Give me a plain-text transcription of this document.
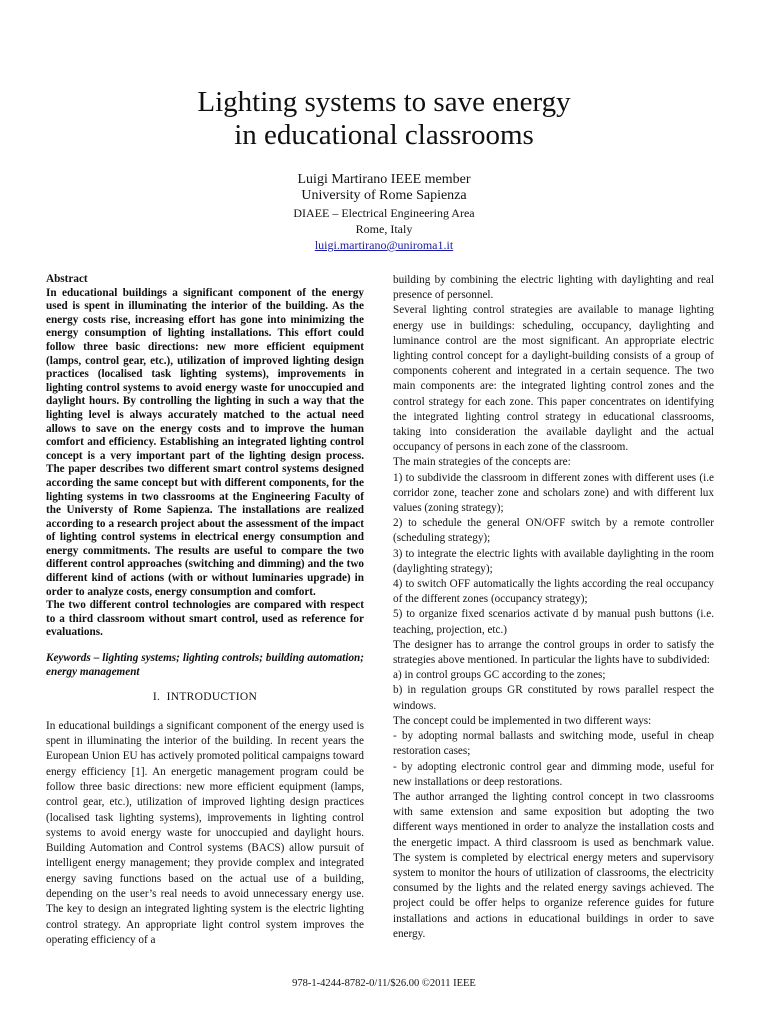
Lighting systems to save energy
in educational classrooms
Luigi Martirano IEEE member
University of Rome Sapienza
DIAEE – Electrical Engineering Area
Rome, Italy
luigi.martirano@uniroma1.it

Abstract

In educational buildings a significant component of the energy used is spent in illuminating the interior of the building. As the energy costs rise, increasing effort has gone into minimizing the energy consumption of lighting installations. This effort could follow three basic directions: new more efficient equipment (lamps, control gear, etc.), utilization of improved lighting design practices (localised task lighting systems), improvements in lighting control systems to avoid energy waste for unoccupied and daylight hours. By controlling the lighting in such a way that the lighting level is always accurately matched to the actual need allows to save on the energy costs and to improve the human comfort and efficiency. Establishing an integrated lighting control concept is a very important part of the lighting design process. The paper describes two different smart control systems designed according the same concept but with different components, for the lighting systems in two classrooms at the Engineering Faculty of the Universty of Rome Sapienza. The installations are realized according to a research project about the assessment of the impact of lighting control systems in electrical energy consumption and energy commitments. The results are useful to compare the two different control approaches (switching and dimming) and the two different kind of actions (with or without luminaries upgrade) in order to analyze costs, energy consumption and comfort.

The two different control technologies are compared with respect to a third classroom without smart control, used as reference for evaluations.

Keywords – lighting systems; lighting controls; building automation; energy management

I. INTRODUCTION

In educational buildings a significant component of the energy used is spent in illuminating the interior of the building. In recent years the European Union EU has actively promoted political campaigns toward energy efficiency [1]. An energetic management program could be follow three basic directions: new more efficient equipment (lamps, control gear, etc.), utilization of improved lighting design practices (localised task lighting systems), improvements in lighting control systems to avoid energy waste for unoccupied and daylight hours. Building Automation and Control systems (BACS) allow pursuit of intelligent energy management; they provide complex and integrated energy saving functions based on the actual use of a building, depending on the user’s real needs to avoid unnecessary energy use. The key to design an integrated lighting system is the electric lighting control strategy. An appropriate light control system improves the operating efficiency of a

building by combining the electric lighting with daylighting and real presence of personnel.

Several lighting control strategies are available to manage lighting energy use in buildings: scheduling, occupancy, daylighting and luminance control are the most significant. An appropriate electric lighting control concept for a daylight-building consists of a group of components coherent and integrated in a certain sequence. The two main components are: the integrated lighting control zones and the control strategy for each zone. This paper concentrates on identifying the integrated lighting control strategy in educational classrooms, taking into consideration the available daylight and the actual occupancy of persons in each zone of the classroom.

The main strategies of the concepts are:

1) to subdivide the classroom in different zones with different uses (i.e corridor zone, teacher zone and scholars zone) and with different lux values (zoning strategy);

2) to schedule the general ON/OFF switch by a remote controller (scheduling strategy);

3) to integrate the electric lights with available daylighting in the room (daylighting strategy);

4) to switch OFF automatically the lights according the real occupancy of the different zones (occupancy strategy);

5) to organize fixed scenarios activate d by manual push buttons (i.e. teaching, projection, etc.)

The designer has to arrange the control groups in order to satisfy the strategies above mentioned. In particular the lights have to subdivided:

a) in control groups GC according to the zones;

b) in regulation groups GR constituted by rows parallel respect the windows.

The concept could be implemented in two different ways:

- by adopting normal ballasts and switching mode, useful in cheap restoration cases;

- by adopting electronic control gear and dimming mode, useful for new installations or deep restorations.

The author arranged the lighting control concept in two classrooms with same extension and same exposition but adopting the two different ways mentioned in order to analyze the installation costs and the energetic impact. A third classroom is used as benchmark value. The system is completed by electrical energy meters and supervisory system to monitor the hours of utilization of classrooms, the electricity consumed by the lights and the related energy savings achieved. The project could be offer helps to organize reference guides for future installations and actions in educational buildings in order to save energy.

978-1-4244-8782-0/11/$26.00 ©2011 IEEE
